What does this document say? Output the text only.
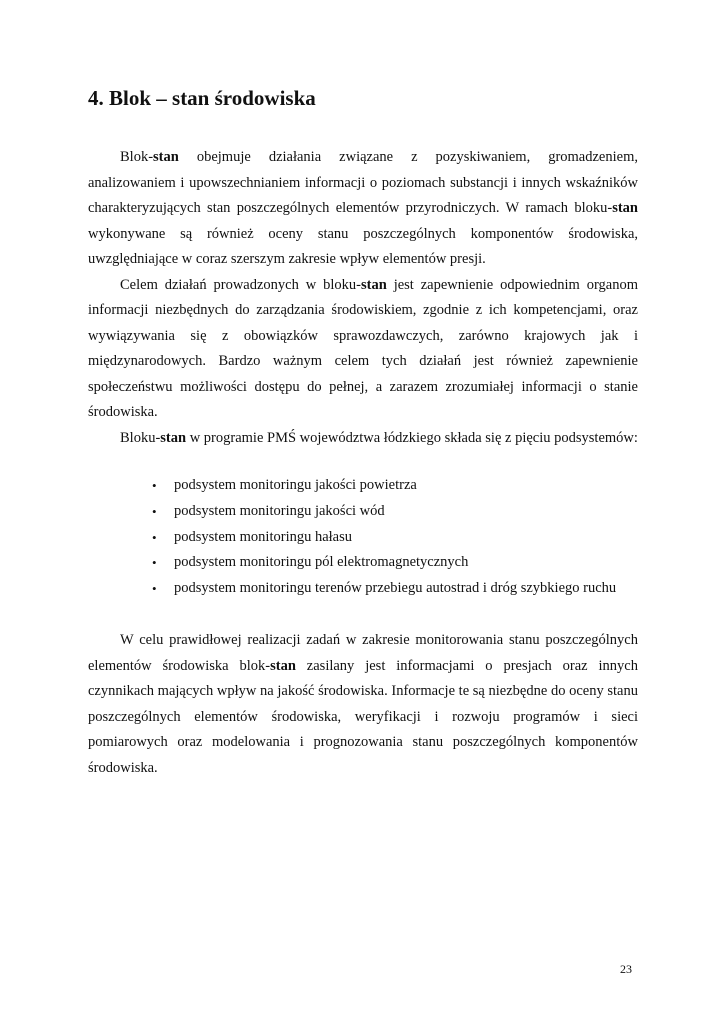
4. Blok – stan środowiska

Blok-stan obejmuje działania związane z pozyskiwaniem, gromadzeniem, analizowaniem i upowszechnianiem informacji o poziomach substancji i innych wskaźników charakteryzujących stan poszczególnych elementów przyrodniczych. W ramach bloku-stan wykonywane są również oceny stanu poszczególnych komponentów środowiska, uwzględniające w coraz szerszym zakresie wpływ elementów presji.

Celem działań prowadzonych w bloku-stan jest zapewnienie odpowiednim organom informacji niezbędnych do zarządzania środowiskiem, zgodnie z ich kompetencjami, oraz wywiązywania się z obowiązków sprawozdawczych, zarówno krajowych jak i międzynarodowych. Bardzo ważnym celem tych działań jest również zapewnienie społeczeństwu możliwości dostępu do pełnej, a zarazem zrozumiałej informacji o stanie środowiska.

Bloku-stan w programie PMŚ województwa łódzkiego składa się z pięciu podsystemów:

• podsystem monitoringu jakości powietrza
• podsystem monitoringu jakości wód
• podsystem monitoringu hałasu
• podsystem monitoringu pól elektromagnetycznych
• podsystem monitoringu terenów przebiegu autostrad i dróg szybkiego ruchu

W celu prawidłowej realizacji zadań w zakresie monitorowania stanu poszczególnych elementów środowiska blok-stan zasilany jest informacjami o presjach oraz innych czynnikach mających wpływ na jakość środowiska. Informacje te są niezbędne do oceny stanu poszczególnych elementów środowiska, weryfikacji i rozwoju programów i sieci pomiarowych oraz modelowania i prognozowania stanu poszczególnych komponentów środowiska.

23
